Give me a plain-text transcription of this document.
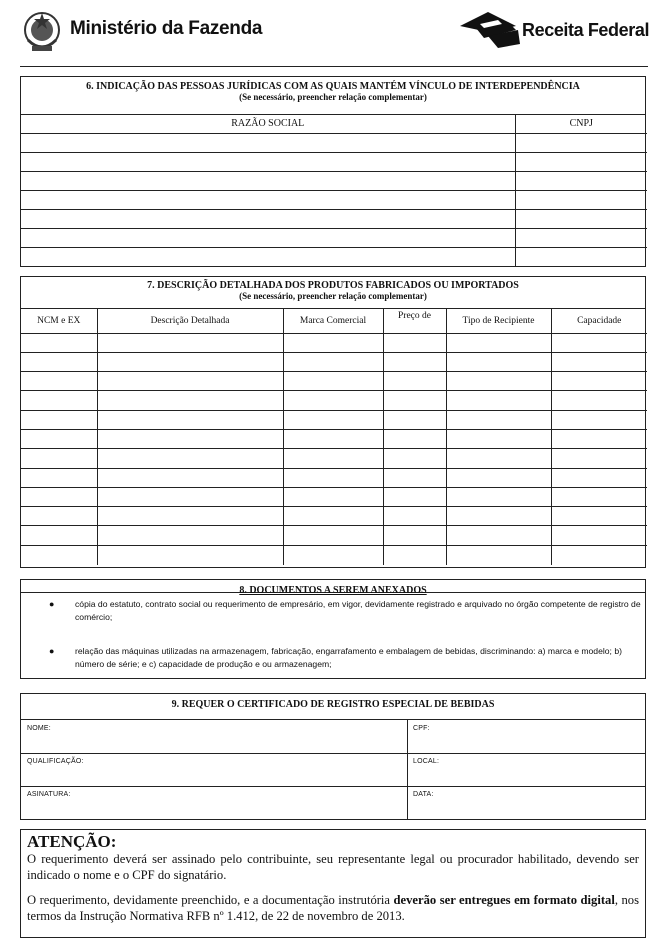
Ministério da Fazenda	Receita Federal
6. INDICAÇÃO DAS PESSOAS JURÍDICAS COM AS QUAIS MANTÉM VÍNCULO DE INTERDEPENDÊNCIA
(Se necessário, preencher relação complementar)
RAZÃO SOCIAL	CNPJ

7. DESCRIÇÃO DETALHADA DOS PRODUTOS FABRICADOS OU IMPORTADOS
(Se necessário, preencher relação complementar)
NCM e EX	Descrição Detalhada	Marca Comercial	Preço de	Tipo de Recipiente	Capacidade

8. DOCUMENTOS A SEREM ANEXADOS
● cópia do estatuto, contrato social ou requerimento de empresário, em vigor, devidamente registrado e arquivado no órgão competente de registro de comércio;
● relação das máquinas utilizadas na armazenagem, fabricação, engarrafamento e embalagem de bebidas, discriminando: a) marca e modelo; b) número de série; e c) capacidade de produção e ou armazenagem;
9. REQUER O CERTIFICADO DE REGISTRO ESPECIAL DE BEBIDAS
NOME:	CPF:
QUALIFICAÇÃO:	LOCAL:
ASINATURA:	DATA:
ATENÇÃO:

O requerimento deverá ser assinado pelo contribuinte, seu representante legal ou procurador habilitado, devendo ser indicado o nome e o CPF do signatário.

O requerimento, devidamente preenchido, e a documentação instrutória deverão ser entregues em formato digital, nos termos da Instrução Normativa RFB nº 1.412, de 22 de novembro de 2013.
